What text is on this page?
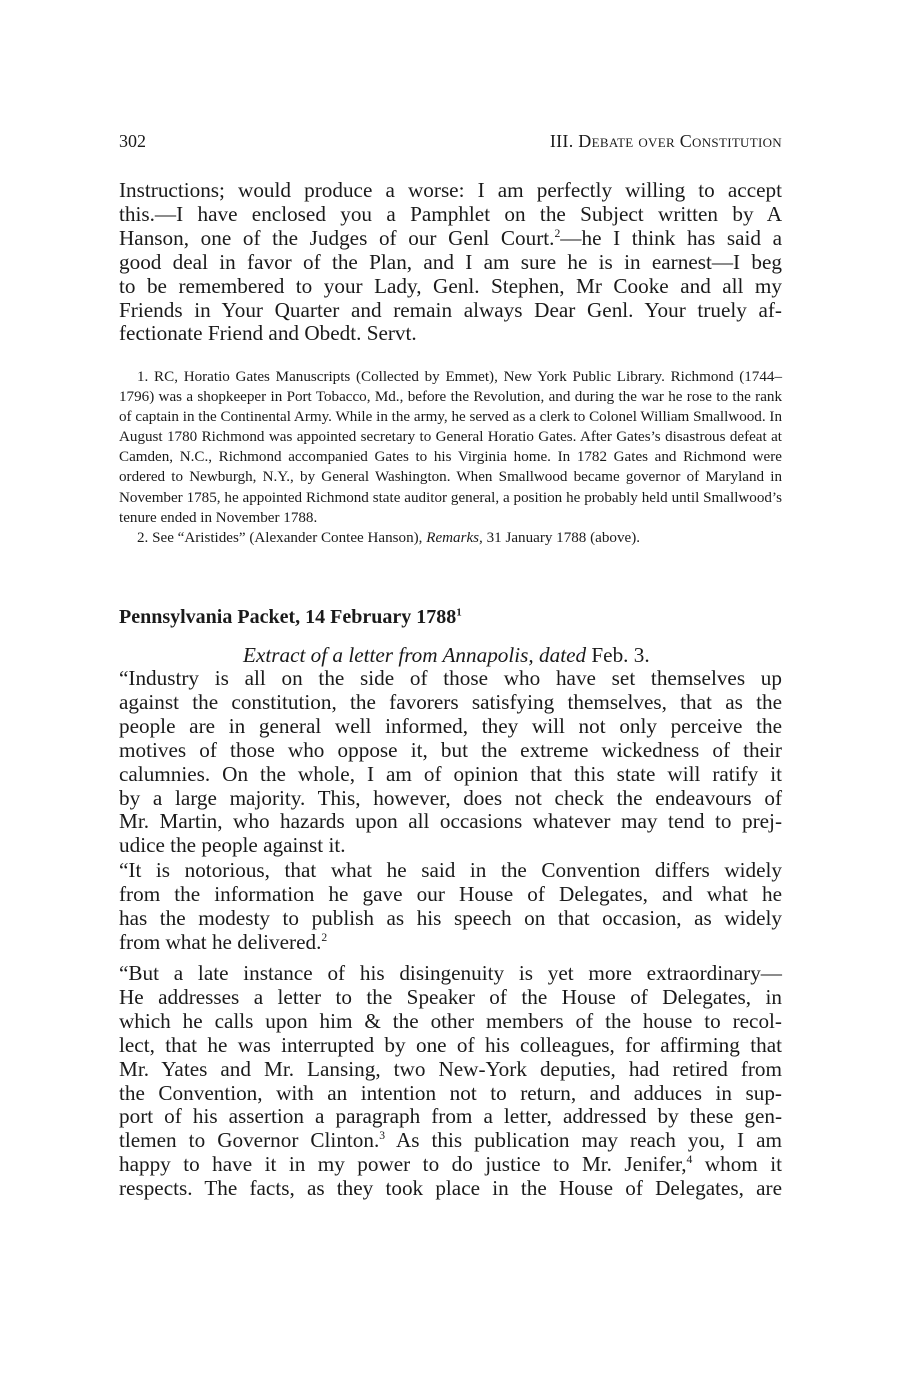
302	III. Debate over Constitution

Instructions; would produce a worse: I am perfectly willing to accept

this.—I have enclosed you a Pamphlet on the Subject written by A

Hanson, one of the Judges of our Genl Court.$^2$—he I think has said a

good deal in favor of the Plan, and I am sure he is in earnest—I beg

to be remembered to your Lady, Genl. Stephen, Mr Cooke and all my

Friends in Your Quarter and remain always Dear Genl. Your truely af-

fectionate Friend and Obedt. Servt.

1. RC, Horatio Gates Manuscripts (Collected by Emmet), New York Public Library. Richmond (1744–1796) was a shopkeeper in Port Tobacco, Md., before the Revolution, and during the war he rose to the rank of captain in the Continental Army. While in the army, he served as a clerk to Colonel William Smallwood. In August 1780 Richmond was appointed secretary to General Horatio Gates. After Gates’s disastrous defeat at Camden, N.C., Richmond accompanied Gates to his Virginia home. In 1782 Gates and Richmond were ordered to Newburgh, N.Y., by General Washington. When Smallwood became governor of Maryland in November 1785, he appointed Richmond state auditor general, a position he probably held until Smallwood’s tenure ended in November 1788.

2. See “Aristides” (Alexander Contee Hanson), Remarks, 31 January 1788 (above).

Pennsylvania Packet, 14 February 1788$^1$
Extract of a letter from Annapolis, dated Feb. 3.

“Industry is all on the side of those who have set themselves up

against the constitution, the favorers satisfying themselves, that as the

people are in general well informed, they will not only perceive the

motives of those who oppose it, but the extreme wickedness of their

calumnies. On the whole, I am of opinion that this state will ratify it

by a large majority. This, however, does not check the endeavours of

Mr. Martin, who hazards upon all occasions whatever may tend to prej-

udice the people against it.

“It is notorious, that what he said in the Convention differs widely

from the information he gave our House of Delegates, and what he

has the modesty to publish as his speech on that occasion, as widely

from what he delivered.$^2$

“But a late instance of his disingenuity is yet more extraordinary—

He addresses a letter to the Speaker of the House of Delegates, in

which he calls upon him & the other members of the house to recol-

lect, that he was interrupted by one of his colleagues, for affirming that

Mr. Yates and Mr. Lansing, two New-York deputies, had retired from

the Convention, with an intention not to return, and adduces in sup-

port of his assertion a paragraph from a letter, addressed by these gen-

tlemen to Governor Clinton.$^3$ As this publication may reach you, I am

happy to have it in my power to do justice to Mr. Jenifer,$^4$ whom it

respects. The facts, as they took place in the House of Delegates, are
